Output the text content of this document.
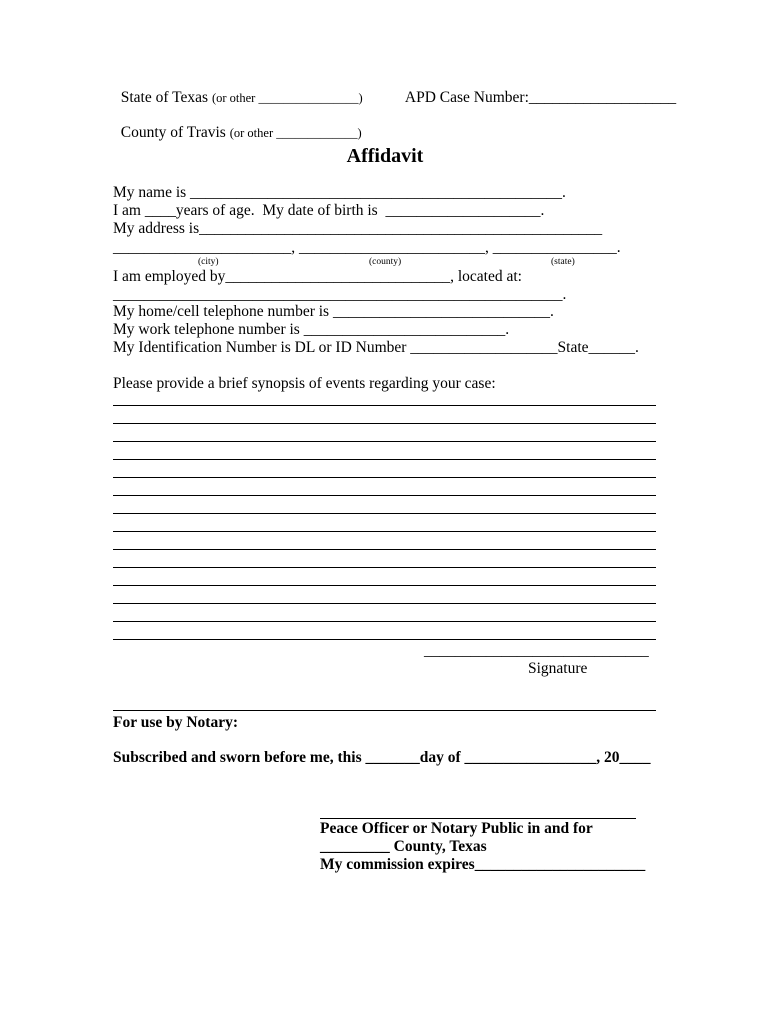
State of Texas (or other ________________)	APD Case Number:___________________

County of Travis (or other _____________)

Affidavit
My name is ________________________________________________.
I am ____years of age.  My date of birth is  ____________________.
My address is____________________________________________________
_______________________, ________________________, ________________.
(city)	(county)	(state)
I am employed by_____________________________, located at:
__________________________________________________________.
My home/cell telephone number is ____________________________.
My work telephone number is __________________________.
My Identification Number is DL or ID Number ___________________State______.
Please provide a brief synopsis of events regarding your case:
_____________________________
Signature
For use by Notary:
Subscribed and sworn before me, this _______day of _________________, 20____
Peace Officer or Notary Public in and for
_________ County, Texas
My commission expires______________________
